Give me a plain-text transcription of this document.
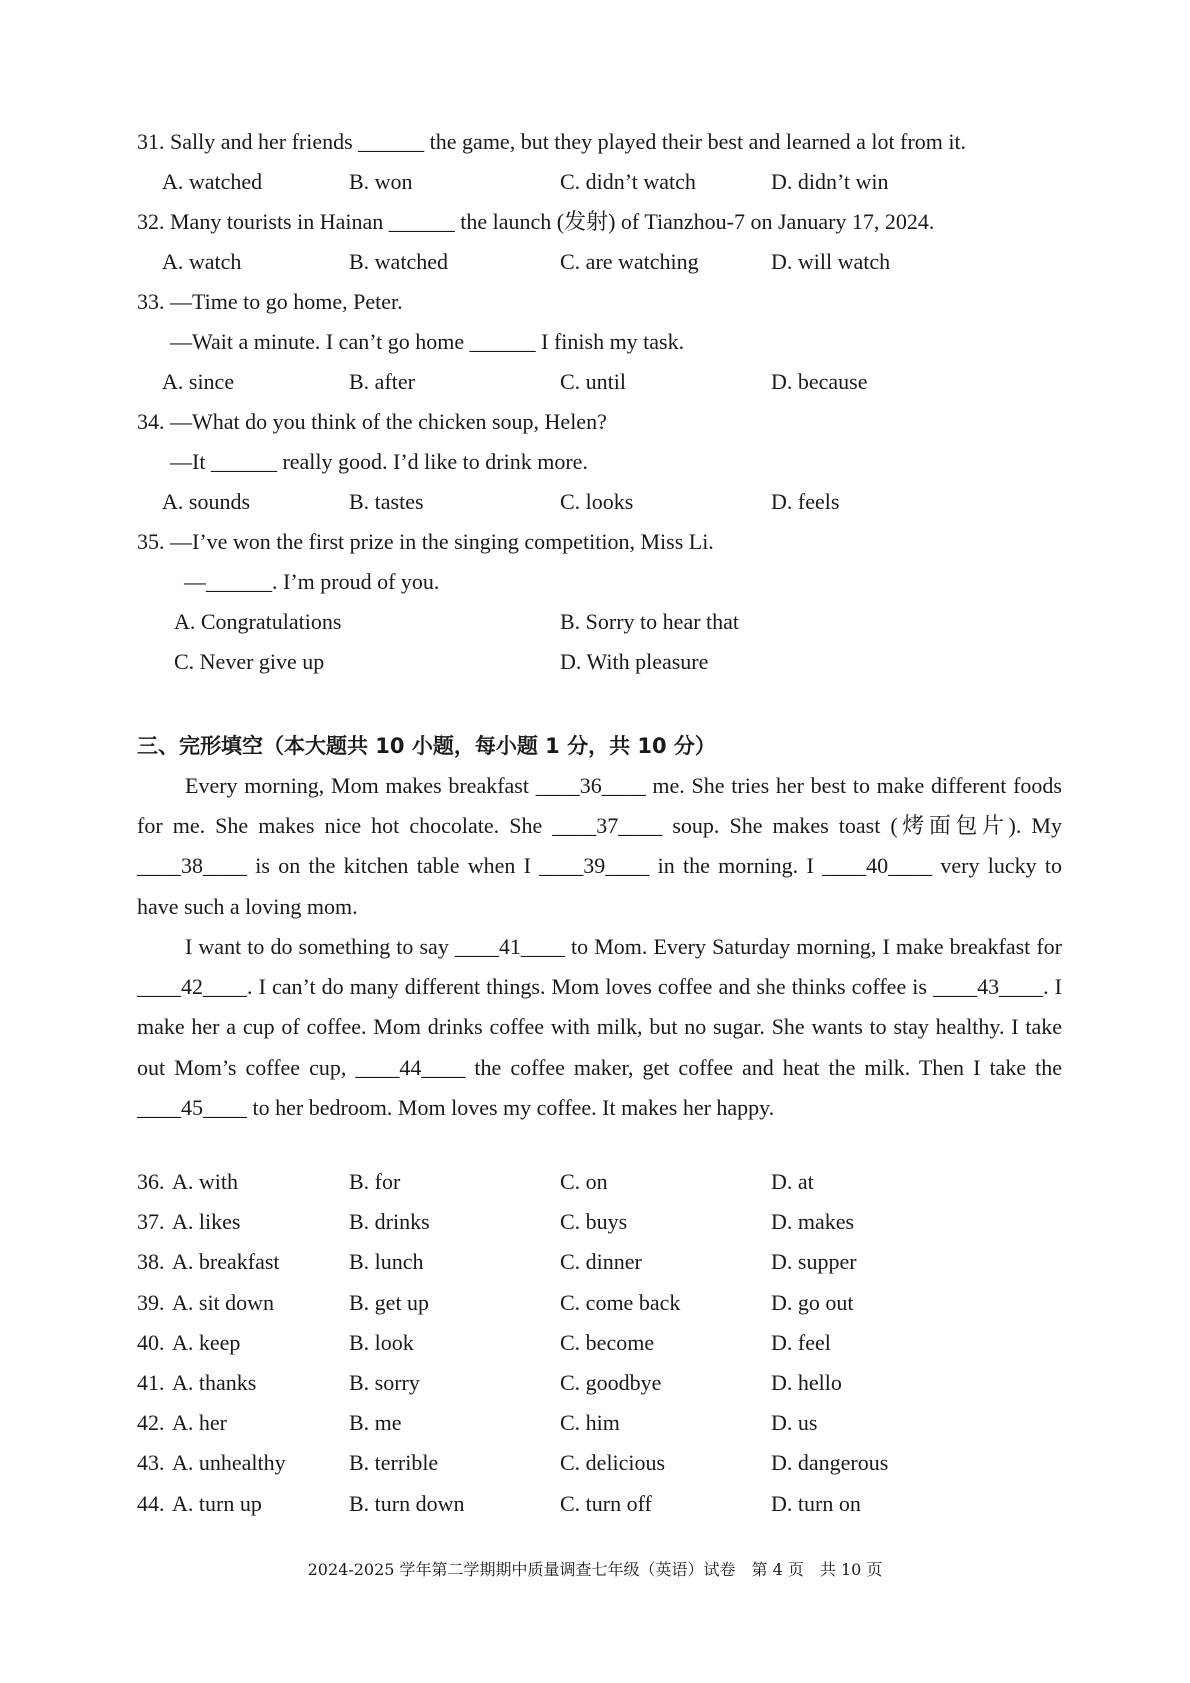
31. Sally and her friends ______ the game, but they played their best and learned a lot from it.
A. watched	B. won	C. didn’t watch	D. didn’t win
32. Many tourists in Hainan ______ the launch (发射) of Tianzhou-7 on January 17, 2024.
A. watch	B. watched	C. are watching	D. will watch
33. —Time to go home, Peter.
—Wait a minute. I can’t go home ______ I finish my task.
A. since	B. after	C. until	D. because
34. —What do you think of the chicken soup, Helen?
—It ______ really good. I’d like to drink more.
A. sounds	B. tastes	C. looks	D. feels
35. —I’ve won the first prize in the singing competition, Miss Li.
—______. I’m proud of you.
A. Congratulations	B. Sorry to hear that
C. Never give up	D. With pleasure
三、完形填空（本大题共 10 小题，每小题 1 分，共 10 分）
Every morning, Mom makes breakfast ____36____ me. She tries her best to make different foods for me. She makes nice hot chocolate. She ____37____ soup. She makes toast (烤面包片). My ____38____ is on the kitchen table when I ____39____ in the morning. I ____40____ very lucky to have such a loving mom.
I want to do something to say ____41____ to Mom. Every Saturday morning, I make breakfast for ____42____. I can’t do many different things. Mom loves coffee and she thinks coffee is ____43____. I make her a cup of coffee. Mom drinks coffee with milk, but no sugar. She wants to stay healthy. I take out Mom’s coffee cup, ____44____ the coffee maker, get coffee and heat the milk. Then I take the ____45____ to her bedroom. Mom loves my coffee. It makes her happy.
36. A. with	B. for	C. on	D. at
37. A. likes	B. drinks	C. buys	D. makes
38. A. breakfast	B. lunch	C. dinner	D. supper
39. A. sit down	B. get up	C. come back	D. go out
40. A. keep	B. look	C. become	D. feel
41. A. thanks	B. sorry	C. goodbye	D. hello
42. A. her	B. me	C. him	D. us
43. A. unhealthy	B. terrible	C. delicious	D. dangerous
44. A. turn up	B. turn down	C. turn off	D. turn on
2024-2025 学年第二学期期中质量调查七年级（英语）试卷　第 4 页　共 10 页
